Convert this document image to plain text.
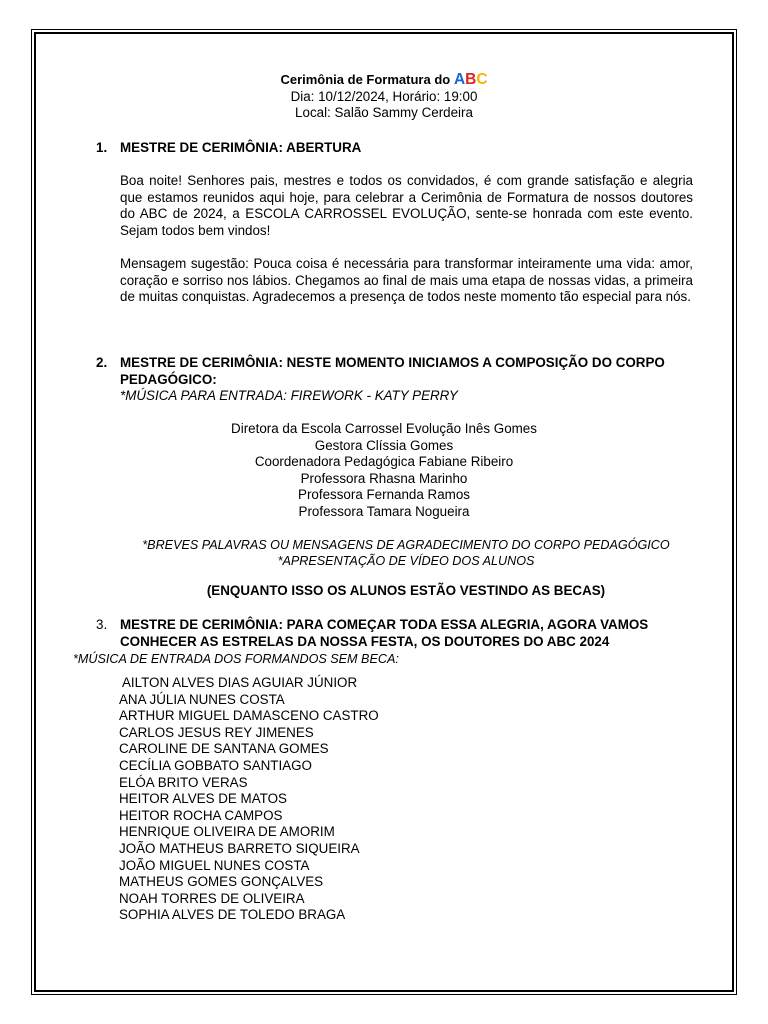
Cerimônia de Formatura do ABC
Dia: 10/12/2024, Horário: 19:00
Local: Salão Sammy Cerdeira
1. MESTRE DE CERIMÔNIA: ABERTURA
Boa noite! Senhores pais, mestres e todos os convidados, é com grande satisfação e alegria que estamos reunidos aqui hoje, para celebrar a Cerimônia de Formatura de nossos doutores do ABC de 2024, a ESCOLA CARROSSEL EVOLUÇÃO, sente-se honrada com este evento. Sejam todos bem vindos!
Mensagem sugestão: Pouca coisa é necessária para transformar inteiramente uma vida: amor, coração e sorriso nos lábios. Chegamos ao final de mais uma etapa de nossas vidas, a primeira de muitas conquistas. Agradecemos a presença de todos neste momento tão especial para nós.
2. MESTRE DE CERIMÔNIA: NESTE MOMENTO INICIAMOS A COMPOSIÇÃO DO CORPO PEDAGÓGICO:
*MÚSICA PARA ENTRADA: FIREWORK - KATY PERRY
Diretora da Escola Carrossel Evolução Inês Gomes
Gestora Clíssia Gomes
Coordenadora Pedagógica Fabiane Ribeiro
Professora Rhasna Marinho
Professora Fernanda Ramos
Professora Tamara Nogueira
*BREVES PALAVRAS OU MENSAGENS DE AGRADECIMENTO DO CORPO PEDAGÓGICO
*APRESENTAÇÃO DE VÍDEO DOS ALUNOS
(ENQUANTO ISSO OS ALUNOS ESTÃO VESTINDO AS BECAS)
3. MESTRE DE CERIMÔNIA: PARA COMEÇAR TODA ESSA ALEGRIA, AGORA VAMOS CONHECER AS ESTRELAS DA NOSSA FESTA, OS DOUTORES DO ABC 2024
*MÚSICA DE ENTRADA DOS FORMANDOS SEM BECA:
AILTON ALVES DIAS AGUIAR JÚNIOR
ANA JÚLIA NUNES COSTA
ARTHUR MIGUEL DAMASCENO CASTRO
CARLOS JESUS REY JIMENES
CAROLINE DE SANTANA GOMES
CECÍLIA GOBBATO SANTIAGO
ELÓA BRITO VERAS
HEITOR ALVES DE MATOS
HEITOR ROCHA CAMPOS
HENRIQUE OLIVEIRA DE AMORIM
JOÃO MATHEUS BARRETO SIQUEIRA
JOÃO MIGUEL NUNES COSTA
MATHEUS GOMES GONÇALVES
NOAH TORRES DE OLIVEIRA
SOPHIA ALVES DE TOLEDO BRAGA
